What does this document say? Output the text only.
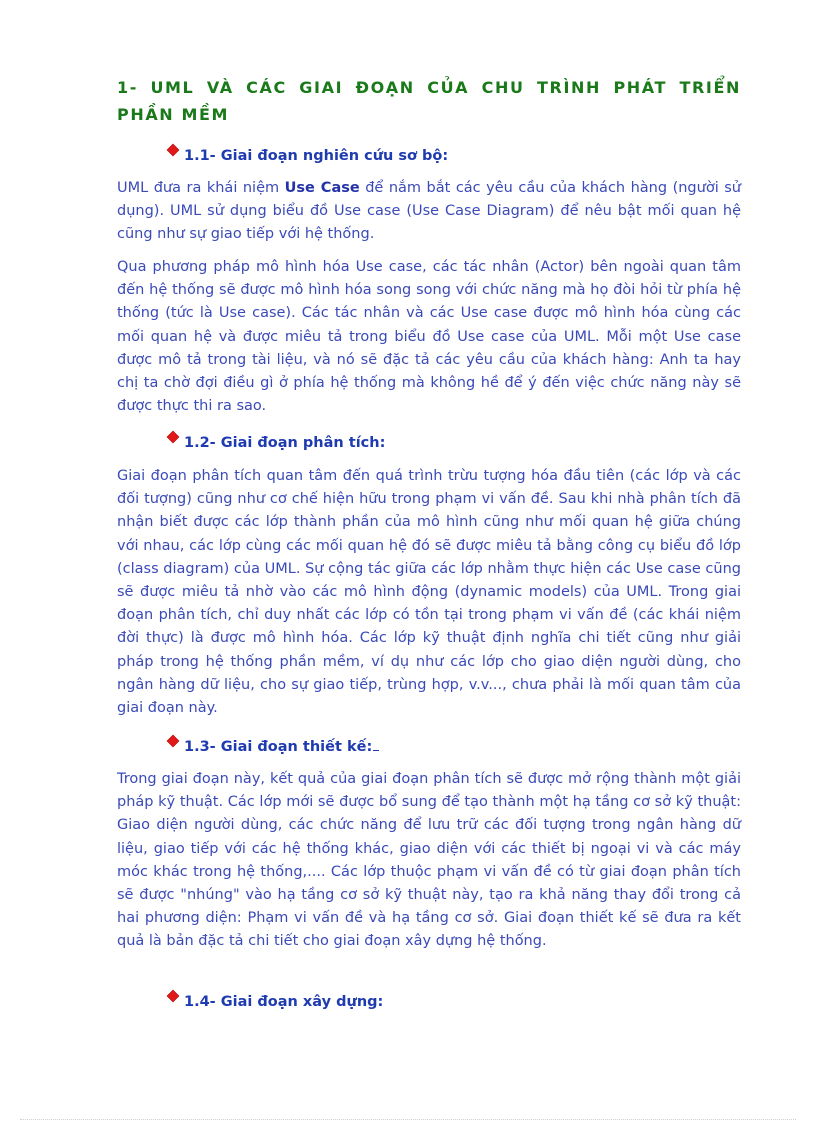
1- UML VÀ CÁC GIAI ĐOẠN CỦA CHU TRÌNH PHÁT TRIỂN PHẦN MỀM
1.1- Giai đoạn nghiên cứu sơ bộ:

UML đưa ra khái niệm Use Case để nắm bắt các yêu cầu của khách hàng (người sử dụng). UML sử dụng biểu đồ Use case (Use Case Diagram) để nêu bật mối quan hệ cũng như sự giao tiếp với hệ thống.

Qua phương pháp mô hình hóa Use case, các tác nhân (Actor) bên ngoài quan tâm đến hệ thống sẽ được mô hình hóa song song với chức năng mà họ đòi hỏi từ phía hệ thống (tức là Use case). Các tác nhân và các Use case được mô hình hóa cùng các mối quan hệ và được miêu tả trong biểu đồ Use case của UML. Mỗi một Use case được mô tả trong tài liệu, và nó sẽ đặc tả các yêu cầu của khách hàng: Anh ta hay chị ta chờ đợi điều gì ở phía hệ thống mà không hề để ý đến việc chức năng này sẽ được thực thi ra sao.

1.2- Giai đoạn phân tích:

Giai đoạn phân tích quan tâm đến quá trình trừu tượng hóa đầu tiên (các lớp và các đối tượng) cũng như cơ chế hiện hữu trong phạm vi vấn đề. Sau khi nhà phân tích đã nhận biết được các lớp thành phần của mô hình cũng như mối quan hệ giữa chúng với nhau, các lớp cùng các mối quan hệ đó sẽ được miêu tả bằng công cụ biểu đồ lớp (class diagram) của UML. Sự cộng tác giữa các lớp nhằm thực hiện các Use case cũng sẽ được miêu tả nhờ vào các mô hình động (dynamic models) của UML. Trong giai đoạn phân tích, chỉ duy nhất các lớp có tồn tại trong phạm vi vấn đề (các khái niệm đời thực) là được mô hình hóa. Các lớp kỹ thuật định nghĩa chi tiết cũng như giải pháp trong hệ thống phần mềm, ví dụ như các lớp cho giao diện người dùng, cho ngân hàng dữ liệu, cho sự giao tiếp, trùng hợp, v.v..., chưa phải là mối quan tâm của giai đoạn này.

1.3- Giai đoạn thiết kế:

Trong giai đoạn này, kết quả của giai đoạn phân tích sẽ được mở rộng thành một giải pháp kỹ thuật. Các lớp mới sẽ được bổ sung để tạo thành một hạ tầng cơ sở kỹ thuật: Giao diện người dùng, các chức năng để lưu trữ các đối tượng trong ngân hàng dữ liệu, giao tiếp với các hệ thống khác, giao diện với các thiết bị ngoại vi và các máy móc khác trong hệ thống,.... Các lớp thuộc phạm vi vấn đề có từ giai đoạn phân tích sẽ được "nhúng" vào hạ tầng cơ sở kỹ thuật này, tạo ra khả năng thay đổi trong cả hai phương diện: Phạm vi vấn đề và hạ tầng cơ sở. Giai đoạn thiết kế sẽ đưa ra kết quả là bản đặc tả chi tiết cho giai đoạn xây dựng hệ thống.

1.4- Giai đoạn xây dựng:
